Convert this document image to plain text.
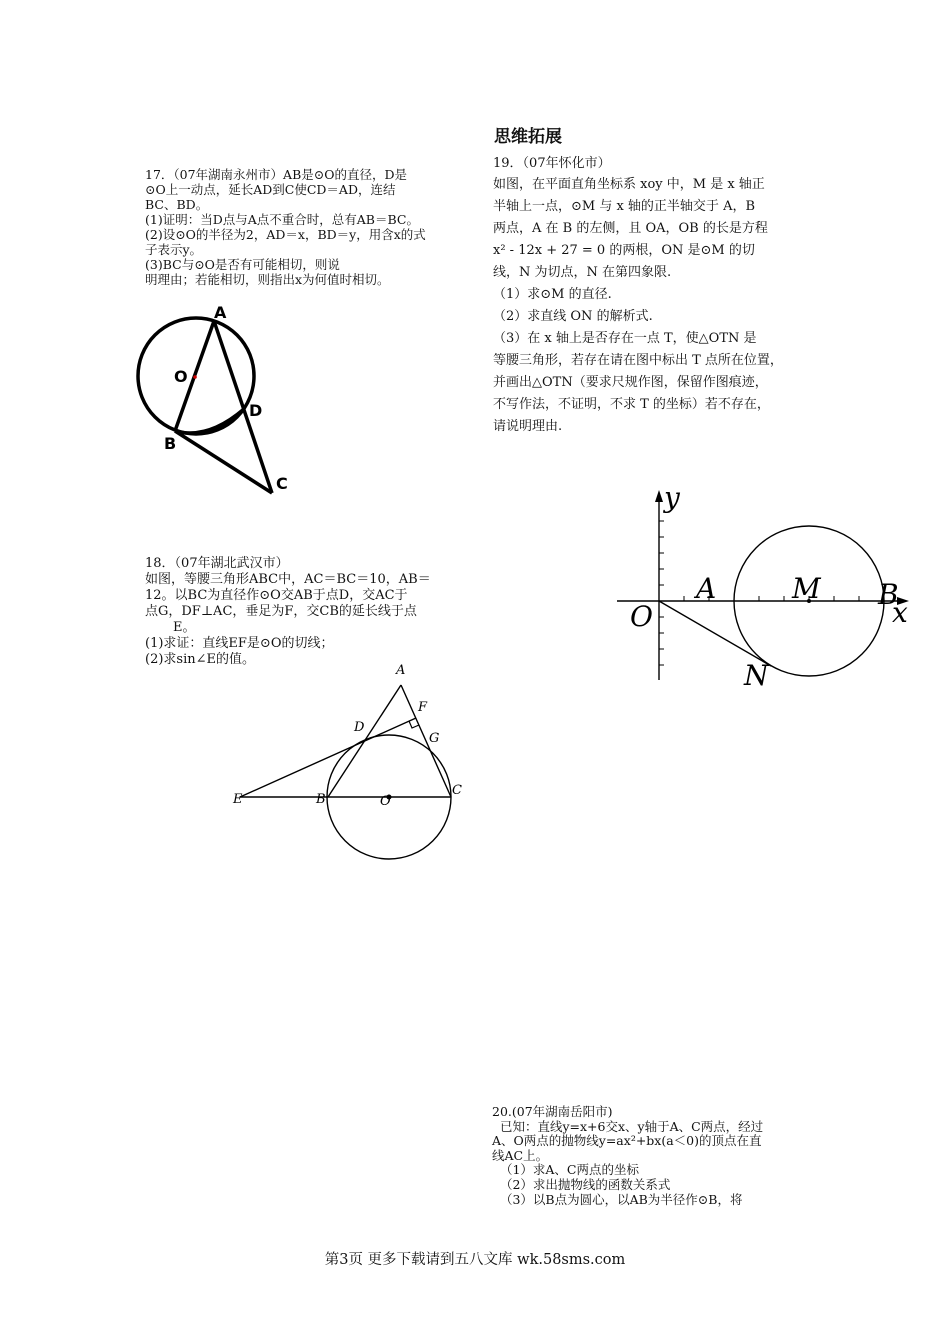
17．（07年湖南永州市）AB是⊙O的直径，D是

⊙O上一动点，延长AD到C使CD＝AD，连结

BC、BD。

(1)证明：当D点与A点不重合时，总有AB＝BC。

(2)设⊙O的半径为2，AD＝x，BD＝y，用含x的式

子表示y。

(3)BC与⊙O是否有可能相切，则说

明理由；若能相切，则指出x为何值时相切。

A
O
D
B
C

18．（07年湖北武汉市）

如图，等腰三角形ABC中，AC＝BC＝10，AB＝

12。以BC为直径作⊙O交AB于点D，交AC于

点G，DF⊥AC，垂足为F，交CB的延长线于点

E。

(1)求证：直线EF是⊙O的切线；

(2)求sin∠E的值。

A
F
D
G
E	B	O
C
思维拓展

19．（07年怀化市）

如图，在平面直角坐标系 xoy 中，M 是 x 轴正

半轴上一点，⊙M 与 x 轴的正半轴交于 A，B

两点，A 在 B 的左侧，且 OA，OB 的长是方程

x² - 12x + 27 = 0 的两根，ON 是⊙M 的切

线，N 为切点，N 在第四象限.

（1）求⊙M 的直径.

（2）求直线 ON 的解析式.

（3）在 x 轴上是否存在一点 T，使△OTN 是

等腰三角形，若存在请在图中标出 T 点所在位置，

并画出△OTN（要求尺规作图，保留作图痕迹，

不写作法，不证明，不求 T 的坐标）若不存在，

请说明理由.

y
x
O
A	M B
N

20.(07年湖南岳阳市)

已知：直线y=x+6交x、y轴于A、C两点，经过

A、O两点的抛物线y=ax²+bx(a＜0)的顶点在直

线AC上。

（1）求A、C两点的坐标

（2）求出抛物线的函数关系式

（3）以B点为圆心，以AB为半径作⊙B，将

第3页 更多下载请到五八文库 wk.58sms.com
